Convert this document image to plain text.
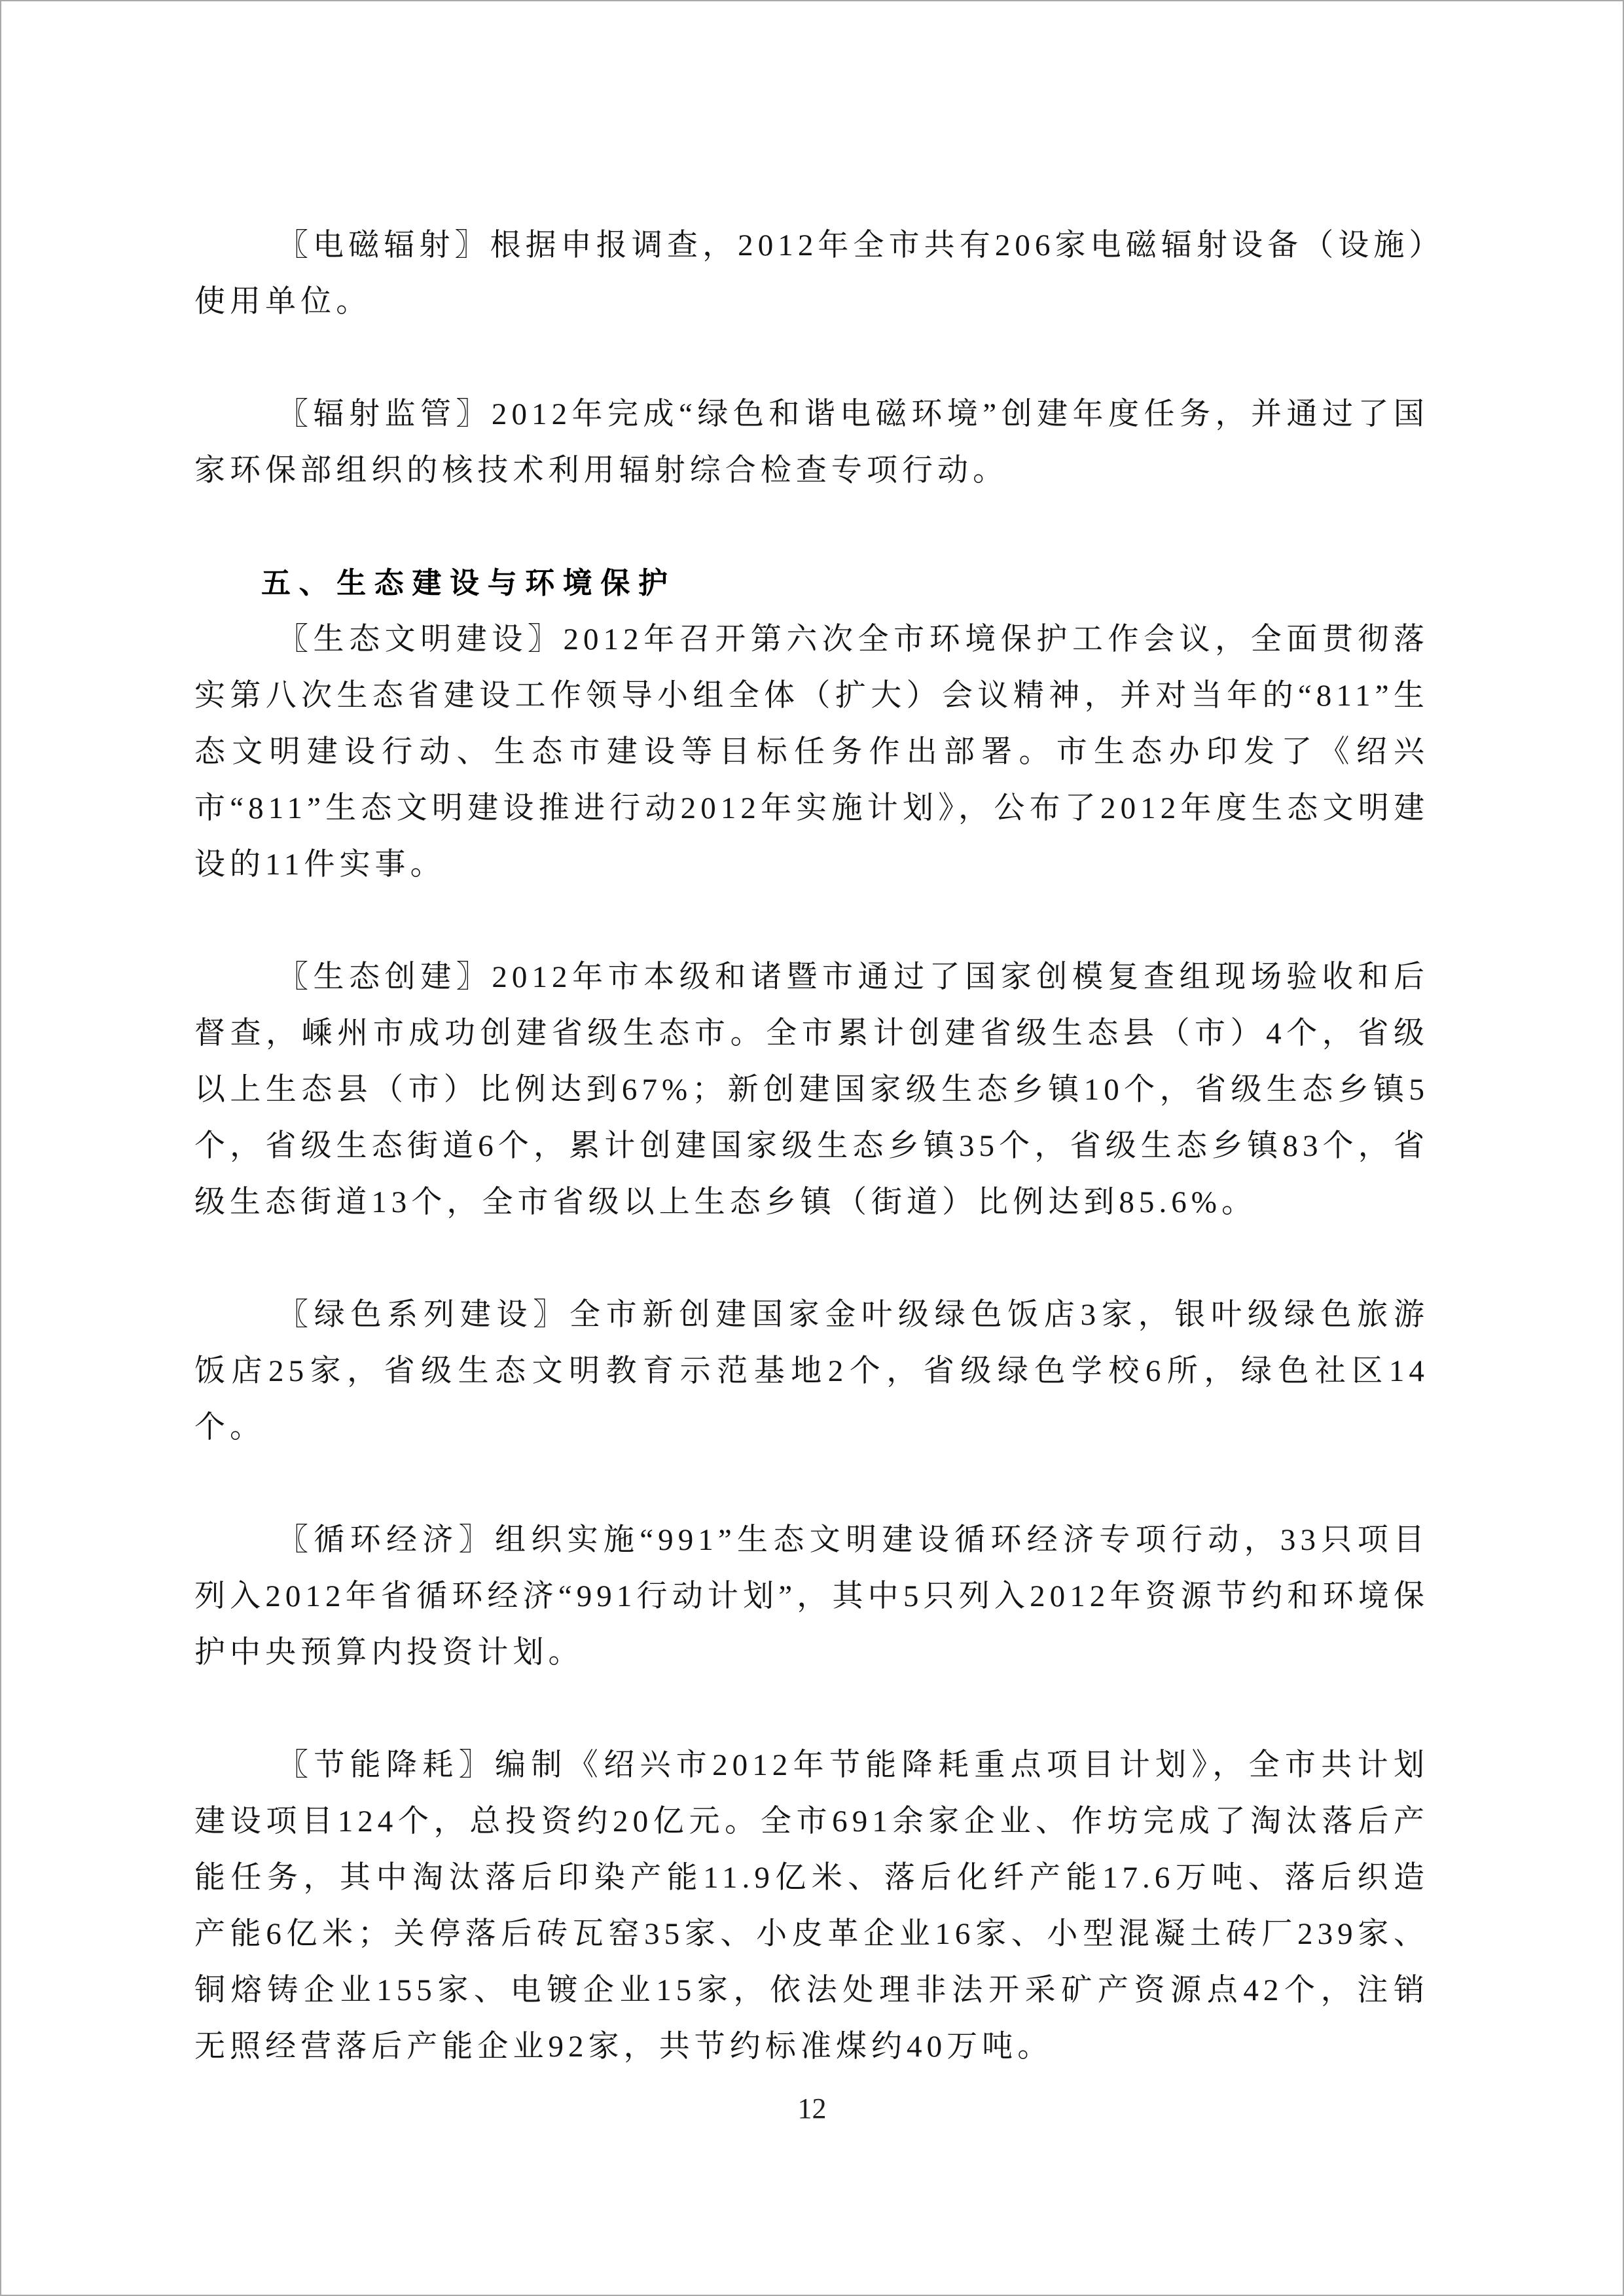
〖电磁辐射〗根据申报调查，2012年全市共有206家电磁辐射设备（设施）使用单位。

〖辐射监管〗2012年完成“绿色和谐电磁环境”创建年度任务，并通过了国家环保部组织的核技术利用辐射综合检查专项行动。

五、生态建设与环境保护

〖生态文明建设〗2012年召开第六次全市环境保护工作会议，全面贯彻落实第八次生态省建设工作领导小组全体（扩大）会议精神，并对当年的“811”生态文明建设行动、生态市建设等目标任务作出部署。市生态办印发了《绍兴市“811”生态文明建设推进行动2012年实施计划》，公布了2012年度生态文明建设的11件实事。

〖生态创建〗2012年市本级和诸暨市通过了国家创模复查组现场验收和后督查，嵊州市成功创建省级生态市。全市累计创建省级生态县（市）4个，省级以上生态县（市）比例达到67%；新创建国家级生态乡镇10个，省级生态乡镇5个，省级生态街道6个，累计创建国家级生态乡镇35个，省级生态乡镇83个，省级生态街道13个，全市省级以上生态乡镇（街道）比例达到85.6%。

〖绿色系列建设〗全市新创建国家金叶级绿色饭店3家，银叶级绿色旅游饭店25家，省级生态文明教育示范基地2个，省级绿色学校6所，绿色社区14个。

〖循环经济〗组织实施“991”生态文明建设循环经济专项行动，33只项目列入2012年省循环经济“991行动计划”，其中5只列入2012年资源节约和环境保护中央预算内投资计划。

〖节能降耗〗编制《绍兴市2012年节能降耗重点项目计划》，全市共计划建设项目124个，总投资约20亿元。全市691余家企业、作坊完成了淘汰落后产能任务，其中淘汰落后印染产能11.9亿米、落后化纤产能17.6万吨、落后织造产能6亿米；关停落后砖瓦窑35家、小皮革企业16家、小型混凝土砖厂239家、铜熔铸企业155家、电镀企业15家，依法处理非法开采矿产资源点42个，注销无照经营落后产能企业92家，共节约标准煤约40万吨。

12
